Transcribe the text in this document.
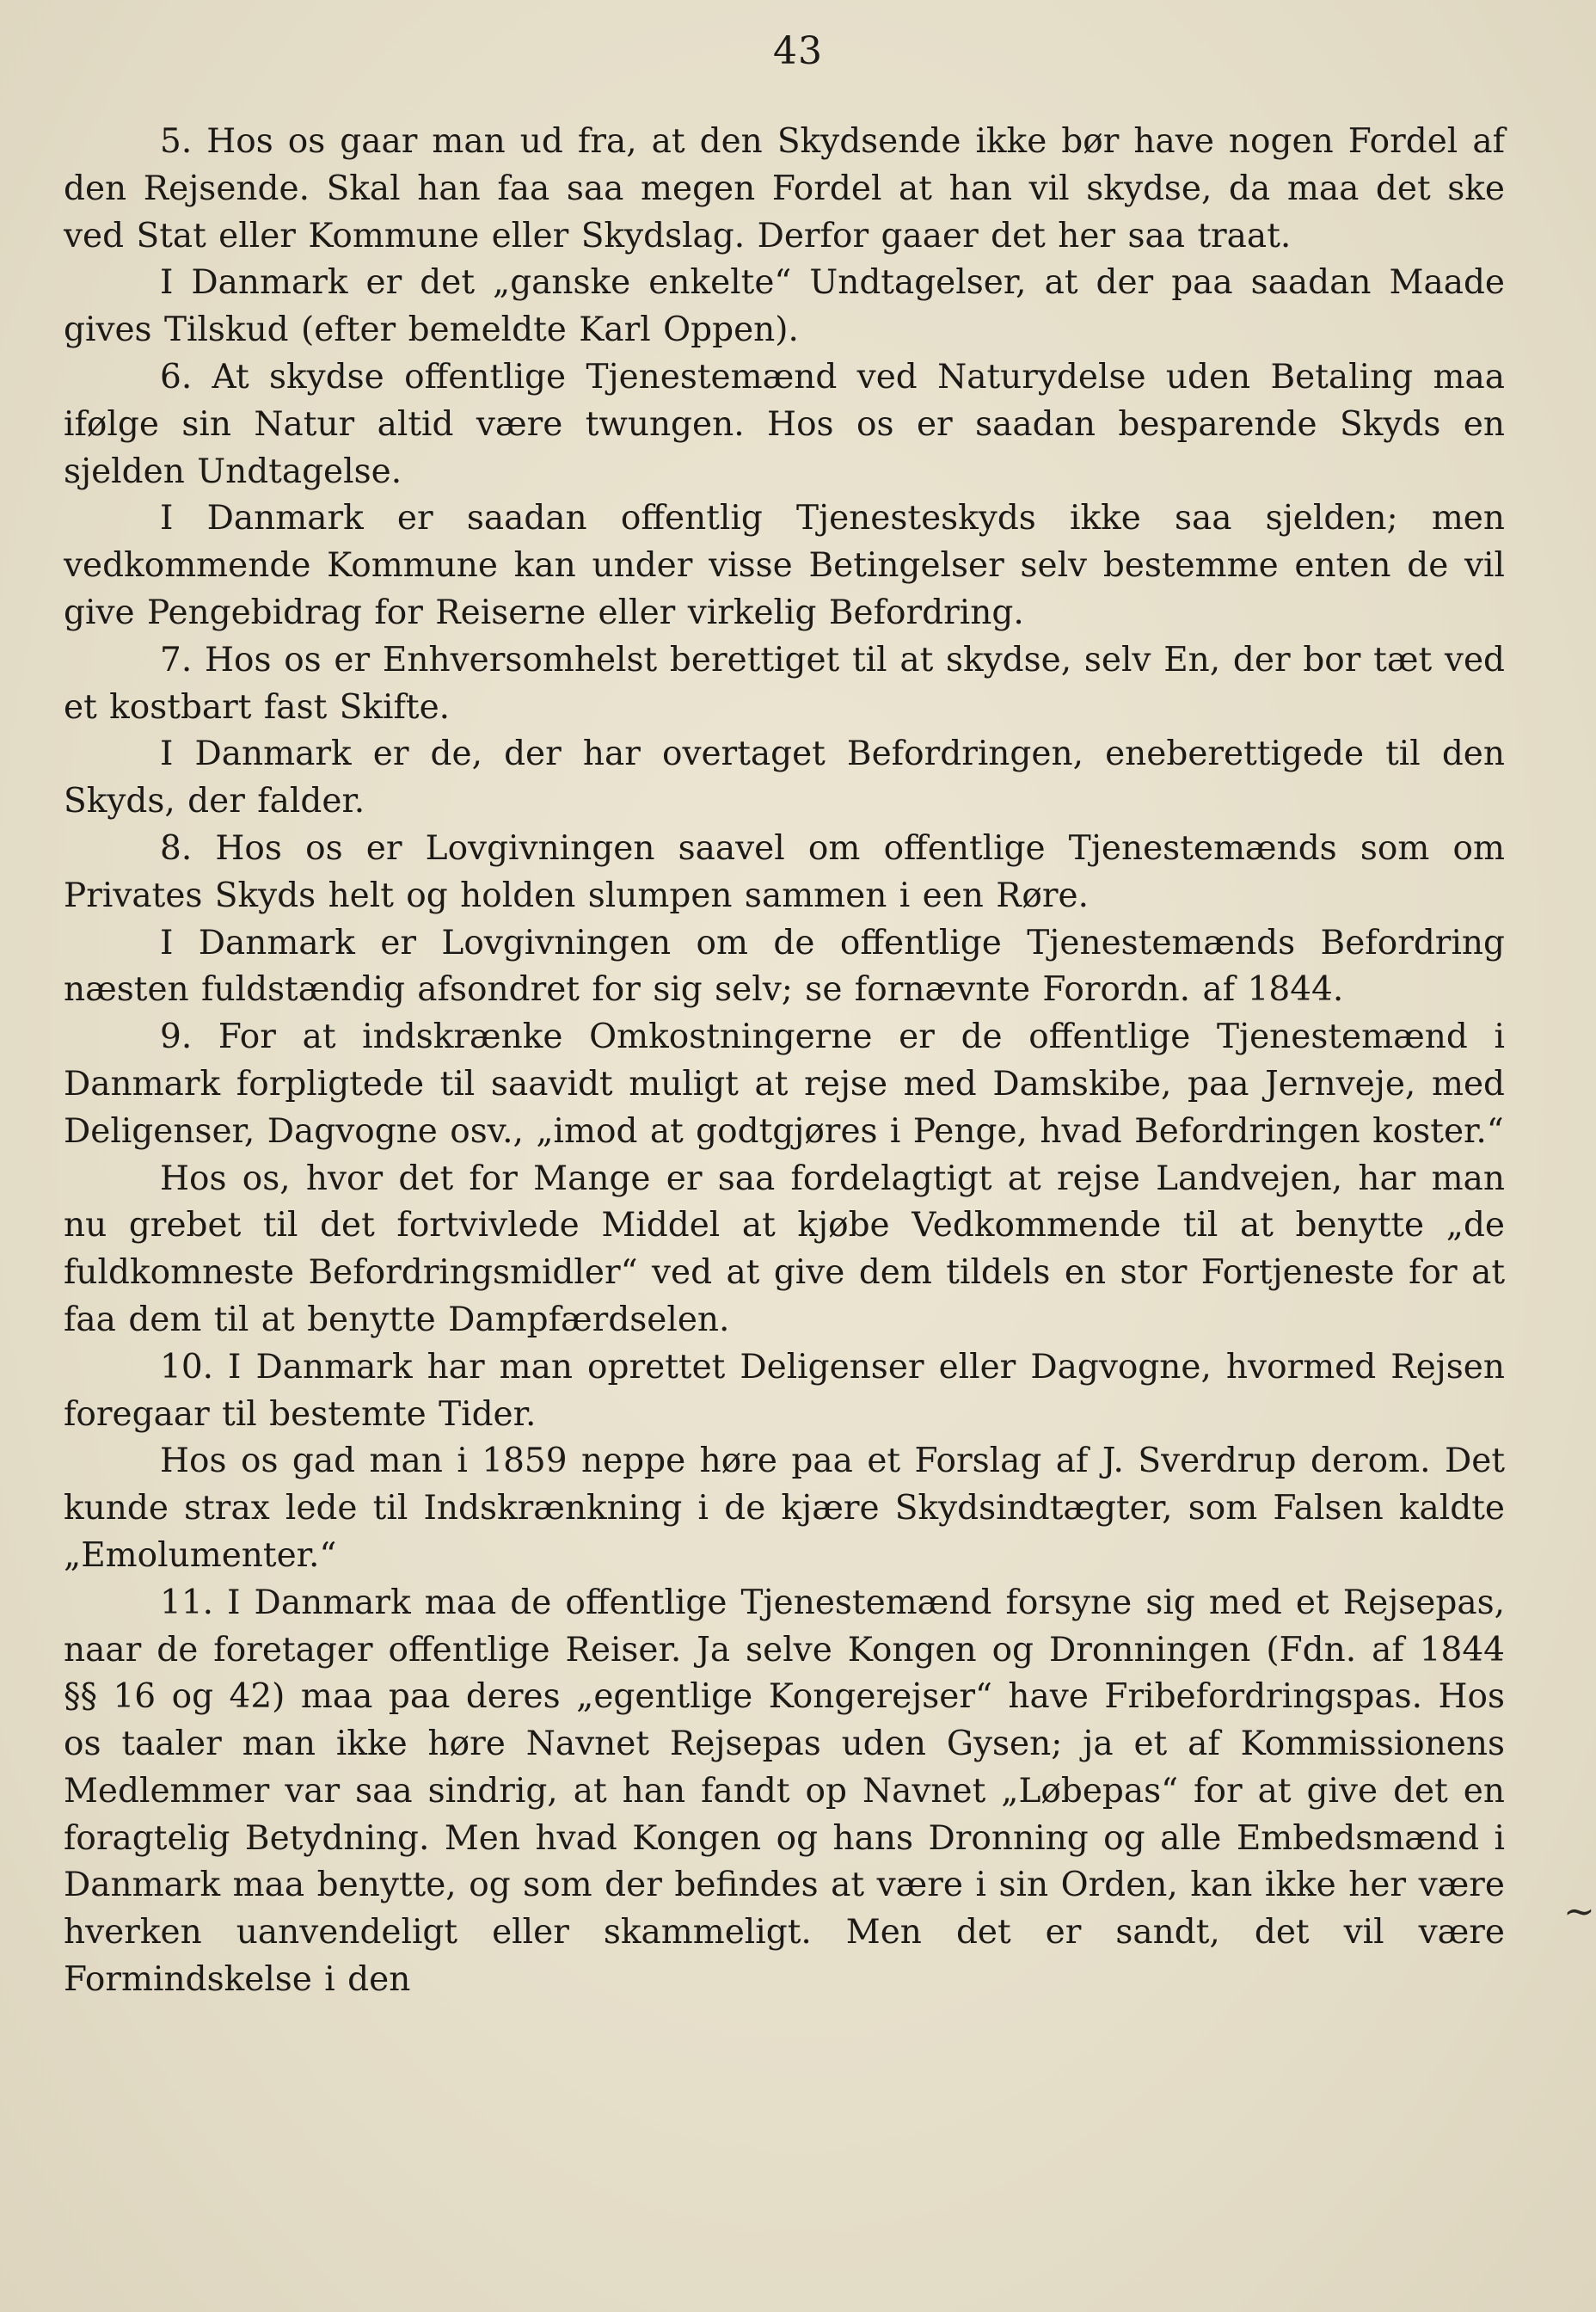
43

5. Hos os gaar man ud fra, at den Skydsende ikke bør have nogen Fordel af den Rejsende. Skal han faa saa megen Fordel at han vil skydse, da maa det ske ved Stat eller Kommune eller Skydslag. Derfor gaaer det her saa traat.

I Danmark er det „ganske enkelte“ Undtagelser, at der paa saadan Maade gives Tilskud (efter bemeldte Karl Oppen).

6. At skydse offentlige Tjenestemænd ved Naturydelse uden Betaling maa ifølge sin Natur altid være twungen. Hos os er saadan besparende Skyds en sjelden Undtagelse.

I Danmark er saadan offentlig Tjenesteskyds ikke saa sjelden; men vedkommende Kommune kan under visse Betingelser selv bestemme enten de vil give Pengebidrag for Reiserne eller virkelig Befordring.

7. Hos os er Enhversomhelst berettiget til at skydse, selv En, der bor tæt ved et kostbart fast Skifte.

I Danmark er de, der har overtaget Befordringen, eneberettigede til den Skyds, der falder.

8. Hos os er Lovgivningen saavel om offentlige Tjenestemænds som om Privates Skyds helt og holden slumpen sammen i een Røre.

I Danmark er Lovgivningen om de offentlige Tjenestemænds Befordring næsten fuldstændig afsondret for sig selv; se fornævnte Forordn. af 1844.

9. For at indskrænke Omkostningerne er de offentlige Tjenestemænd i Danmark forpligtede til saavidt muligt at rejse med Damskibe, paa Jernveje, med Deligenser, Dagvogne osv., „imod at godtgjøres i Penge, hvad Befordringen koster.“

Hos os, hvor det for Mange er saa fordelagtigt at rejse Landvejen, har man nu grebet til det fortvivlede Middel at kjøbe Vedkommende til at benytte „de fuldkomneste Befordringsmidler“ ved at give dem tildels en stor Fortjeneste for at faa dem til at benytte Dampfærdselen.

10. I Danmark har man oprettet Deligenser eller Dagvogne, hvormed Rejsen foregaar til bestemte Tider.

Hos os gad man i 1859 neppe høre paa et Forslag af J. Sverdrup derom. Det kunde strax lede til Indskrænkning i de kjære Skydsindtægter, som Falsen kaldte „Emolumenter.“

11. I Danmark maa de offentlige Tjenestemænd forsyne sig med et Rejsepas, naar de foretager offentlige Reiser. Ja selve Kongen og Dronningen (Fdn. af 1844 §§ 16 og 42) maa paa deres „egentlige Kongerejser“ have Fribefordringspas. Hos os taaler man ikke høre Navnet Rejsepas uden Gysen; ja et af Kommissionens Medlemmer var saa sindrig, at han fandt op Navnet „Løbepas“ for at give det en foragtelig Betydning. Men hvad Kongen og hans Dronning og alle Embedsmænd i Danmark maa benytte, og som der befindes at være i sin Orden, kan ikke her være hverken uanvendeligt eller skammeligt. Men det er sandt, det vil være Formindskelse i den

~
